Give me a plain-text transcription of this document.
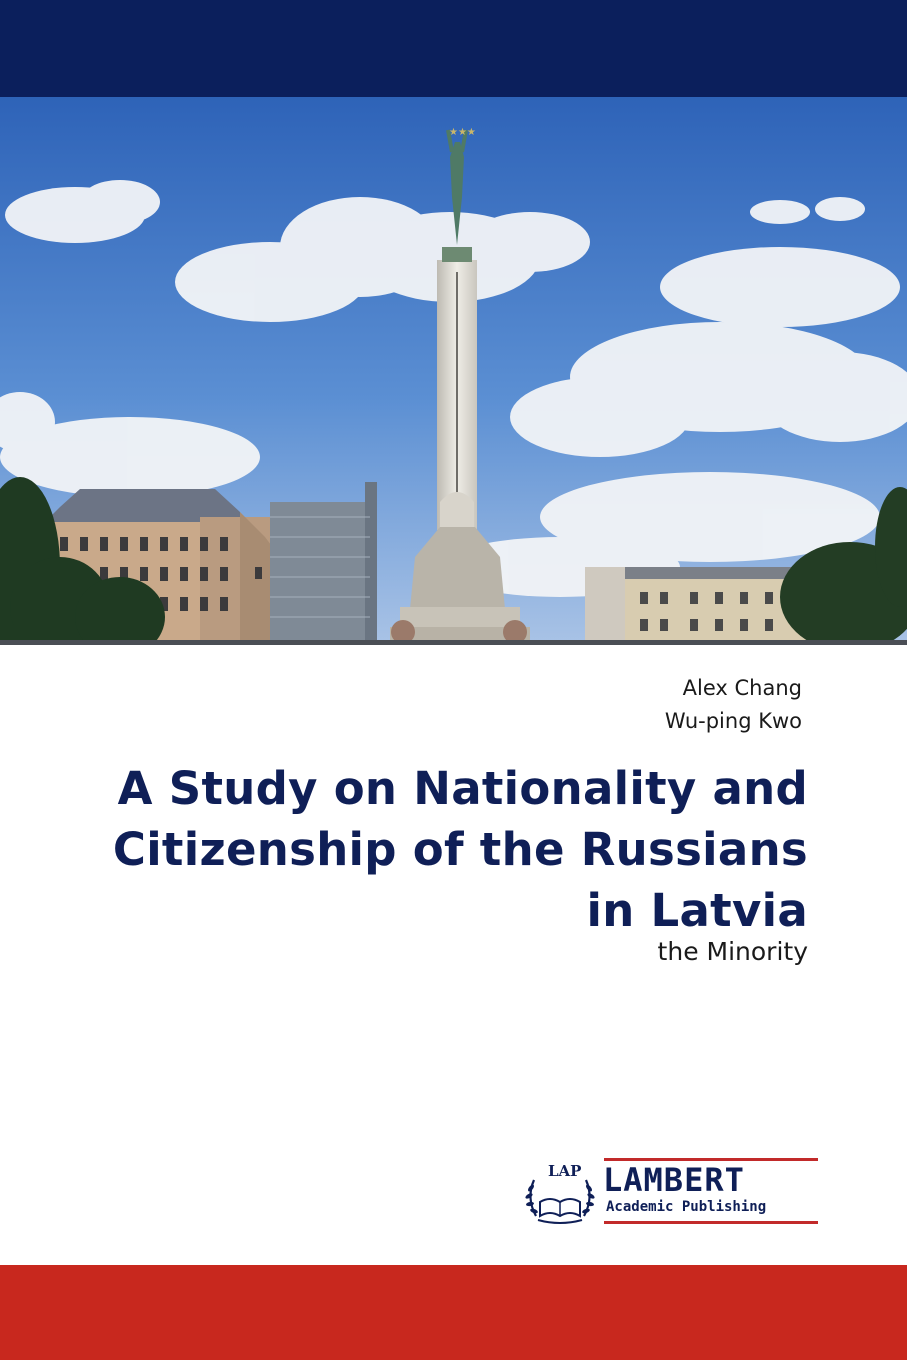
★★★
Alex Chang
Wu-ping Kwo
A Study on Nationality and
Citizenship of the Russians
in Latvia
the Minority
LAP LAMBERT
Academic Publishing
